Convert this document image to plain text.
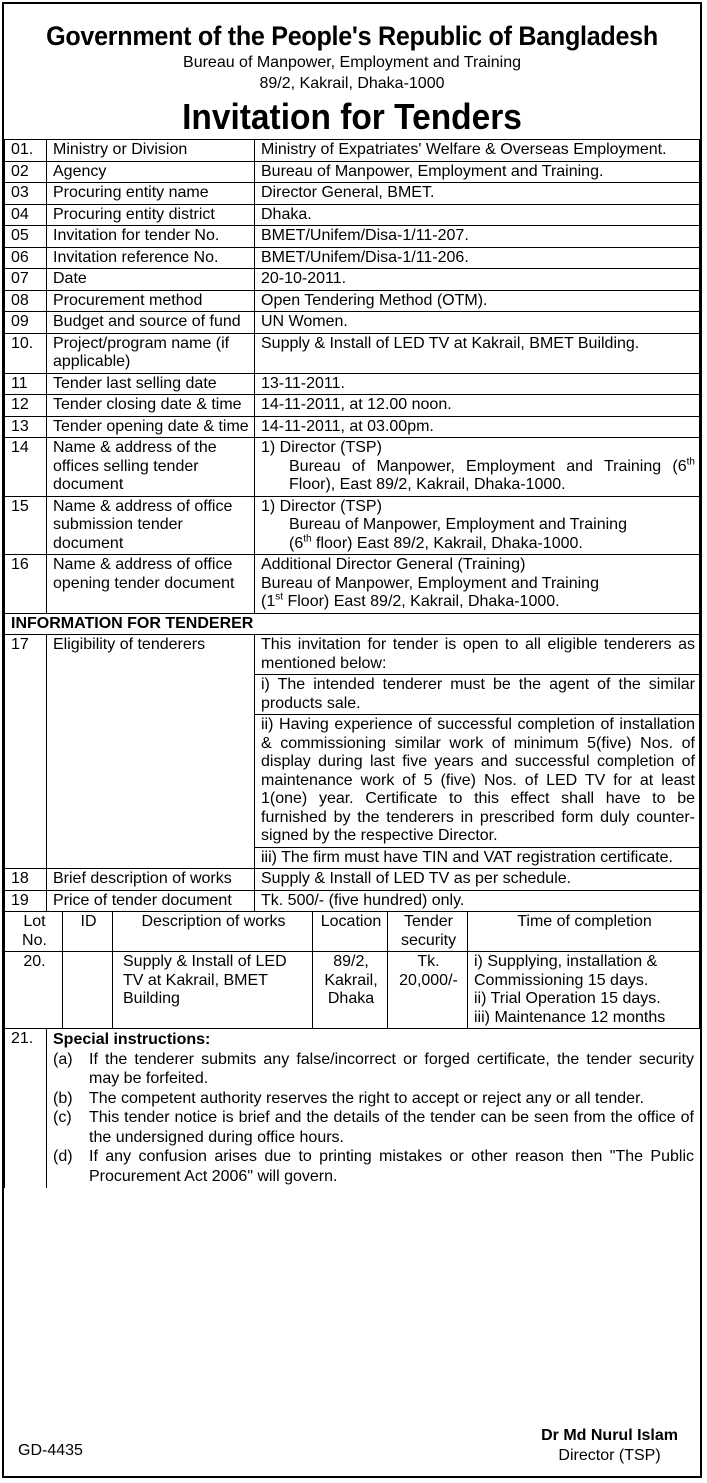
Government of the People's Republic of Bangladesh
Bureau of Manpower, Employment and Training
89/2, Kakrail, Dhaka-1000
Invitation for Tenders
01.	Ministry or Division	Ministry of Expatriates' Welfare & Overseas Employment.
02	Agency	Bureau of Manpower, Employment and Training.
03	Procuring entity name	Director General, BMET.
04	Procuring entity district	Dhaka.
05	Invitation for tender No.	BMET/Unifem/Disa-1/11-207.
06	Invitation reference No.	BMET/Unifem/Disa-1/11-206.
07	Date	20-10-2011.
08	Procurement method	Open Tendering Method (OTM).
09	Budget and source of fund	UN Women.
10.	Project/program name (if applicable)	Supply & Install of LED TV at Kakrail, BMET Building.
11	Tender last selling date	13-11-2011.
12	Tender closing date & time	14-11-2011, at 12.00 noon.
13	Tender opening date & time	14-11-2011, at 03.00pm.
14	Name & address of the offices selling tender document	1) Director (TSP)
Bureau of Manpower, Employment and Training (6th Floor), East 89/2, Kakrail, Dhaka-1000.

15	Name & address of office submission tender document	1) Director (TSP)
Bureau of Manpower, Employment and Training
(6th floor) East 89/2, Kakrail, Dhaka-1000.

16	Name & address of office opening tender document	Additional Director General (Training)
Bureau of Manpower, Employment and Training
(1st Floor) East 89/2, Kakrail, Dhaka-1000.

INFORMATION FOR TENDERER		
17	Eligibility of tenderers	This invitation for tender is open to all eligible tenderers as mentioned below:
		i) The intended tenderer must be the agent of the similar products sale.
		ii) Having experience of successful completion of installation & commissioning similar work of minimum 5(five) Nos. of display during last five years and successful completion of maintenance work of 5 (five) Nos. of LED TV for at least 1(one) year. Certificate to this effect shall have to be furnished by the tenderers in prescribed form duly counter-signed by the respective Director.
		iii) The firm must have TIN and VAT registration certificate.
18	Brief description of works	Supply & Install of LED TV as per schedule.
19	Price of tender document	Tk. 500/- (five hundred) only.
Lot No.	ID	Description of works	Location	Tender security	Time of completion
20.		Supply & Install of LED TV at Kakrail, BMET Building	89/2, Kakrail, Dhaka	Tk. 20,000/-	i) Supplying, installation & Commissioning 15 days.
ii) Trial Operation 15 days.
iii) Maintenance 12 months
21.	Special instructions:
(a)	If the tenderer submits any false/incorrect or forged certificate, the tender security may be forfeited.
(b)	The competent authority reserves the right to accept or reject any or all tender.
(c)	This tender notice is brief and the details of the tender can be seen from the office of the undersigned during office hours.
(d)	If any confusion arises due to printing mistakes or other reason then "The Public Procurement Act 2006" will govern.
GD-4435
Dr Md Nurul Islam
Director (TSP)
